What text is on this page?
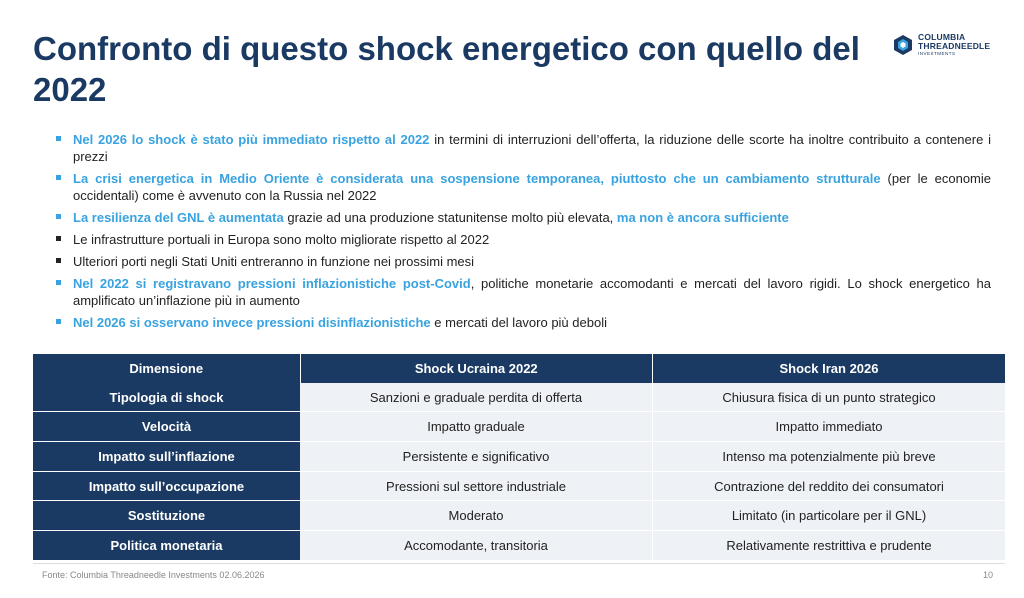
Confronto di questo shock energetico con quello del 2022
COLUMBIA
THREADNEEDLE
INVESTMENTS
Nel 2026 lo shock è stato più immediato rispetto al 2022 in termini di interruzioni dell’offerta, la riduzione delle scorte ha inoltre contribuito a contenere i prezzi
La crisi energetica in Medio Oriente è considerata una sospensione temporanea, piuttosto che un cambiamento strutturale (per le economie occidentali) come è avvenuto con la Russia nel 2022
La resilienza del GNL è aumentata grazie ad una produzione statunitense molto più elevata, ma non è ancora sufficiente
Le infrastrutture portuali in Europa sono molto migliorate rispetto al 2022
Ulteriori porti negli Stati Uniti entreranno in funzione nei prossimi mesi
Nel 2022 si registravano pressioni inflazionistiche post-Covid, politiche monetarie accomodanti e mercati del lavoro rigidi. Lo shock energetico ha amplificato un’inflazione più in aumento
Nel 2026 si osservano invece pressioni disinflazionistiche e mercati del lavoro più deboli
Dimensione	Shock Ucraina 2022	Shock Iran 2026
Tipologia di shock	Sanzioni e graduale perdita di offerta	Chiusura fisica di un punto strategico
Velocità	Impatto graduale	Impatto immediato
Impatto sull’inflazione	Persistente e significativo	Intenso ma potenzialmente più breve
Impatto sull’occupazione	Pressioni sul settore industriale	Contrazione del reddito dei consumatori
Sostituzione	Moderato	Limitato (in particolare per il GNL)
Politica monetaria	Accomodante, transitoria	Relativamente restrittiva e prudente
Fonte: Columbia Threadneedle Investments 02.06.2026	10
